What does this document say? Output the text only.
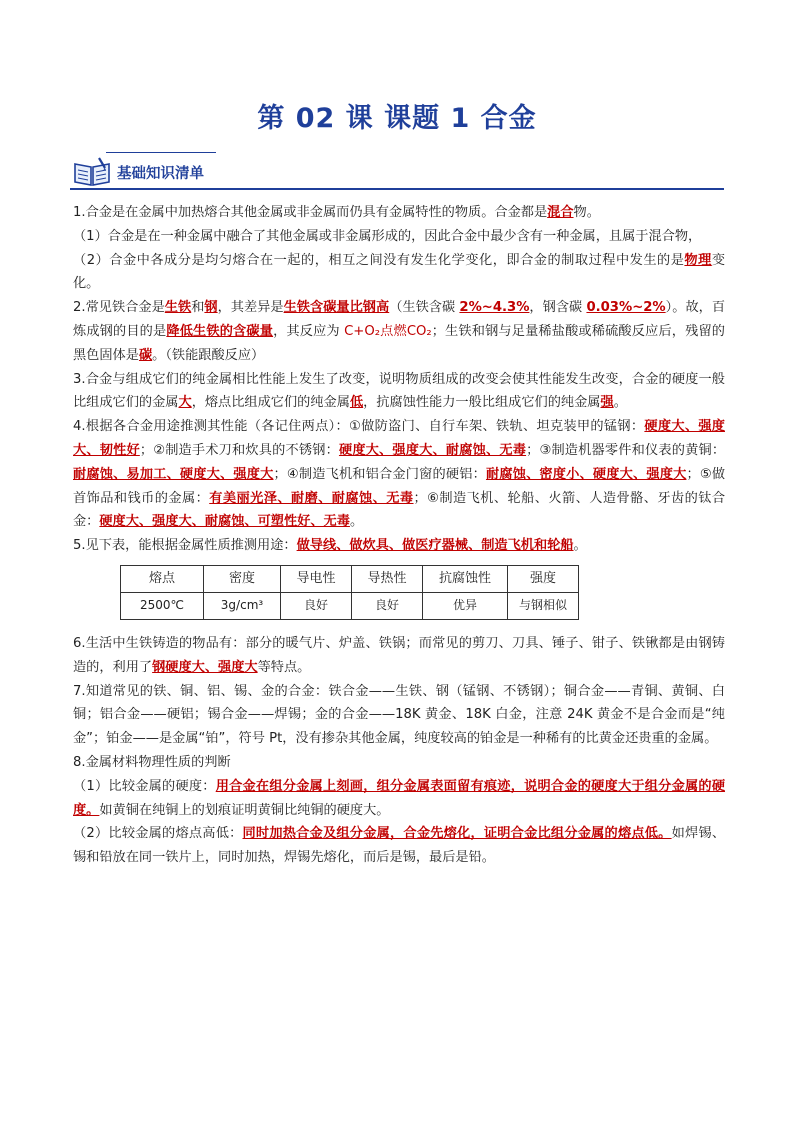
第 02 课 课题 1 合金
基础知识清单

1.合金是在金属中加热熔合其他金属或非金属而仍具有金属特性的物质。合金都是混合物。

（1）合金是在一种金属中融合了其他金属或非金属形成的，因此合金中最少含有一种金属，且属于混合物，

（2）合金中各成分是均匀熔合在一起的，相互之间没有发生化学变化，即合金的制取过程中发生的是物理变化。

2.常见铁合金是生铁和钢，其差异是生铁含碳量比钢高（生铁含碳 2%~4.3%，钢含碳 0.03%~2%）。故，百炼成钢的目的是降低生铁的含碳量，其反应为 C+O₂点燃CO₂；生铁和钢与足量稀盐酸或稀硫酸反应后，残留的黑色固体是碳。（铁能跟酸反应）

3.合金与组成它们的纯金属相比性能上发生了改变，说明物质组成的改变会使其性能发生改变，合金的硬度一般比组成它们的金属大，熔点比组成它们的纯金属低，抗腐蚀性能力一般比组成它们的纯金属强。

4.根据各合金用途推测其性能（各记住两点）：①做防盗门、自行车架、铁轨、坦克装甲的锰钢：硬度大、强度大、韧性好；②制造手术刀和炊具的不锈钢：硬度大、强度大、耐腐蚀、无毒；③制造机器零件和仪表的黄铜：耐腐蚀、易加工、硬度大、强度大；④制造飞机和铝合金门窗的硬铝：耐腐蚀、密度小、硬度大、强度大；⑤做首饰品和钱币的金属：有美丽光泽、耐磨、耐腐蚀、无毒；⑥制造飞机、轮船、火箭、人造骨骼、牙齿的钛合金：硬度大、强度大、耐腐蚀、可塑性好、无毒。

5.见下表，能根据金属性质推测用途：做导线、做炊具、做医疗器械、制造飞机和轮船。

熔点	密度	导电性	导热性	抗腐蚀性	强度
2500℃	3g/cm³	良好	良好	优异	与钢相似

6.生活中生铁铸造的物品有：部分的暖气片、炉盖、铁锅；而常见的剪刀、刀具、锤子、钳子、铁锹都是由钢铸造的，利用了钢硬度大、强度大等特点。

7.知道常见的铁、铜、铝、锡、金的合金：铁合金——生铁、钢（锰钢、不锈钢）；铜合金——青铜、黄铜、白铜；铝合金——硬铝；锡合金——焊锡；金的合金——18K 黄金、18K 白金，注意 24K 黄金不是合金而是“纯金”；铂金——是金属“铂”，符号 Pt，没有掺杂其他金属，纯度较高的铂金是一种稀有的比黄金还贵重的金属。

8.金属材料物理性质的判断

（1）比较金属的硬度：用合金在组分金属上刻画，组分金属表面留有痕迹，说明合金的硬度大于组分金属的硬度。如黄铜在纯铜上的划痕证明黄铜比纯铜的硬度大。

（2）比较金属的熔点高低：同时加热合金及组分金属，合金先熔化，证明合金比组分金属的熔点低。如焊锡、锡和铅放在同一铁片上，同时加热，焊锡先熔化，而后是锡，最后是铅。
